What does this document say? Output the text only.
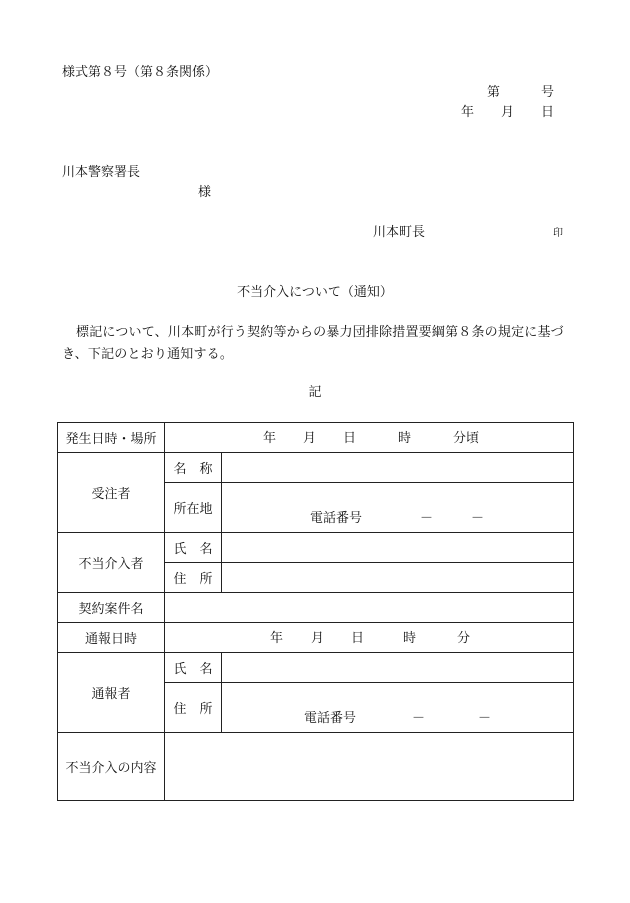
様式第８号（第８条関係）
第	号
年 月 日
川本警察署長
様
川本町長	印
不当介入について（通知）
標記について、川本町が行う契約等からの暴力団排除措置要綱第８条の規定に基づき、下記のとおり通知する。
記
発生日時・場所	年 月 日 時 分頃	

受注者	名　称	
	所在地	電話番号 － －

不当介入者	氏　名	
	住　所	
契約案件名		
通報日時	年 月 日 時 分	

通報者	氏　名	
	住　所	電話番号 － －

不当介入の内容		
